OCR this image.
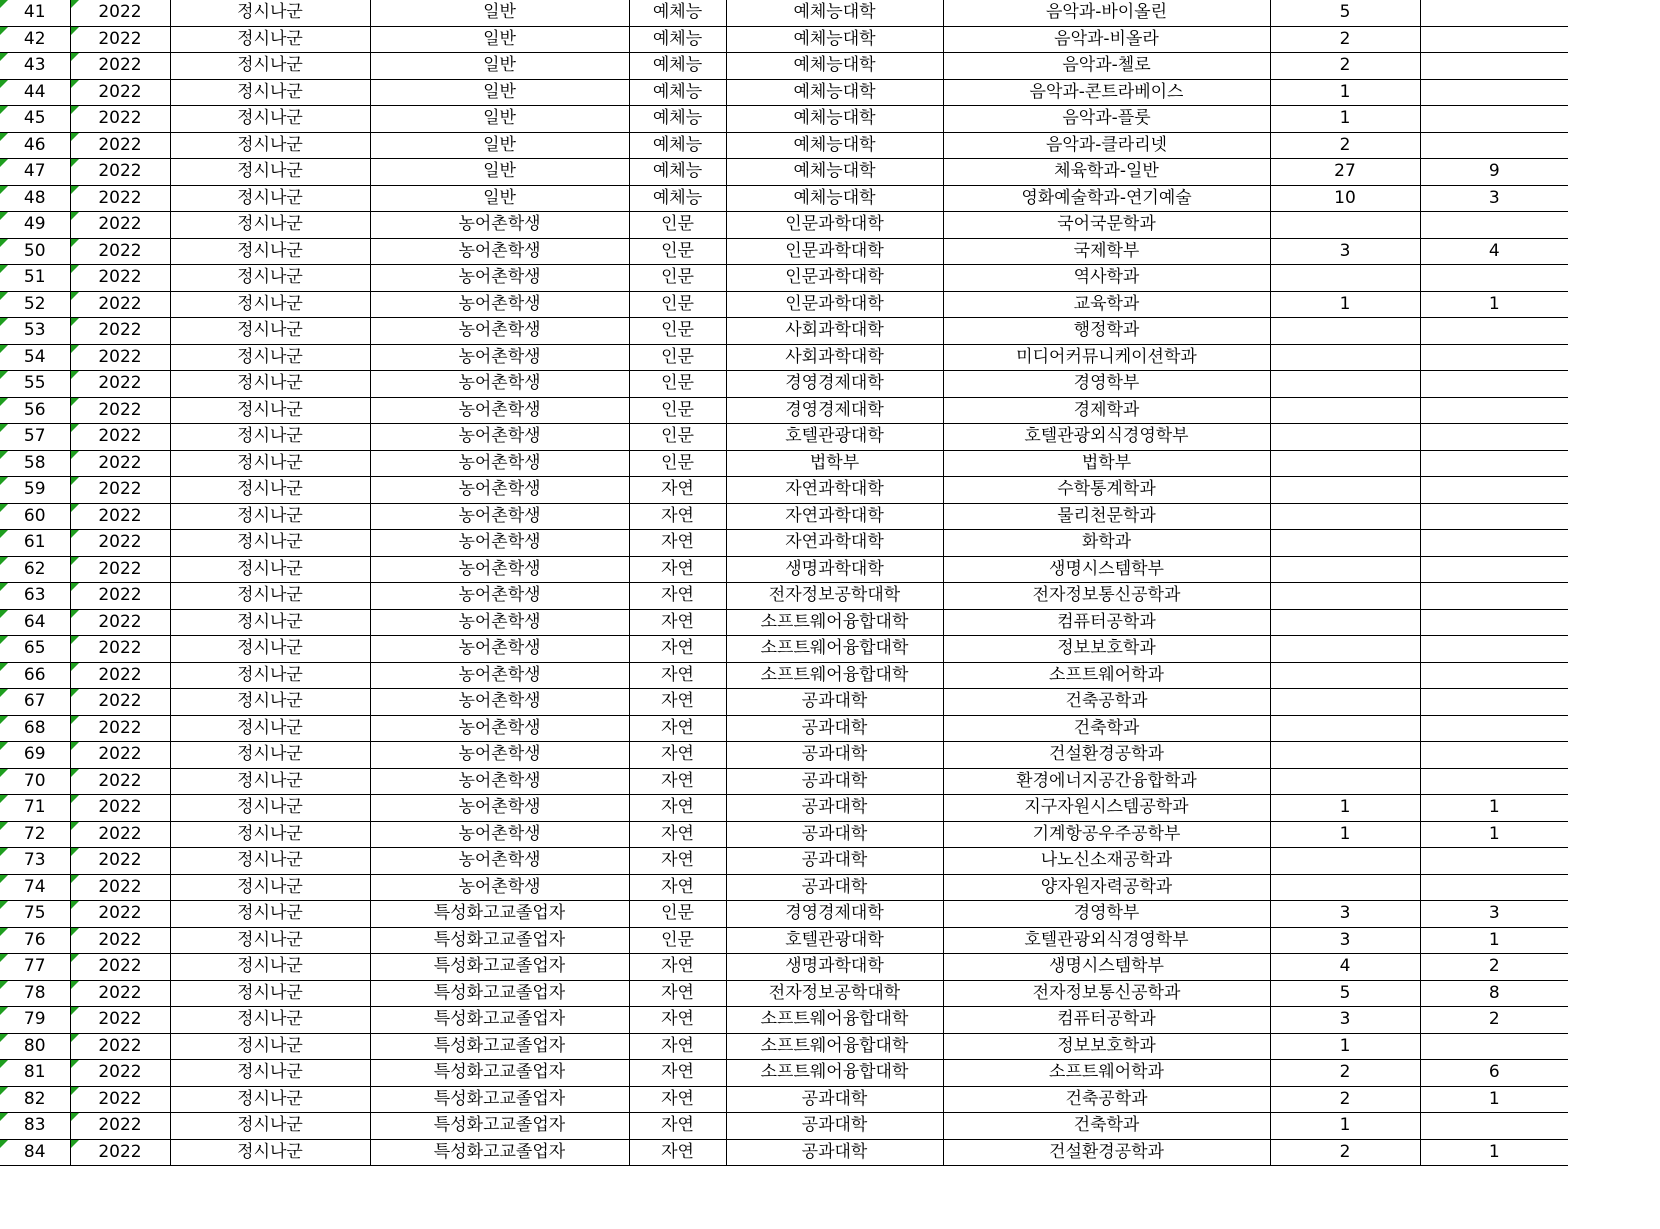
41	2022	정시나군	일반	예체능	예체능대학	음악과-바이올린	5	
42	2022	정시나군	일반	예체능	예체능대학	음악과-비올라	2	
43	2022	정시나군	일반	예체능	예체능대학	음악과-첼로	2	
44	2022	정시나군	일반	예체능	예체능대학	음악과-콘트라베이스	1	
45	2022	정시나군	일반	예체능	예체능대학	음악과-플룻	1	
46	2022	정시나군	일반	예체능	예체능대학	음악과-클라리넷	2	
47	2022	정시나군	일반	예체능	예체능대학	체육학과-일반	27	9
48	2022	정시나군	일반	예체능	예체능대학	영화예술학과-연기예술	10	3
49	2022	정시나군	농어촌학생	인문	인문과학대학	국어국문학과		
50	2022	정시나군	농어촌학생	인문	인문과학대학	국제학부	3	4
51	2022	정시나군	농어촌학생	인문	인문과학대학	역사학과		
52	2022	정시나군	농어촌학생	인문	인문과학대학	교육학과	1	1
53	2022	정시나군	농어촌학생	인문	사회과학대학	행정학과		
54	2022	정시나군	농어촌학생	인문	사회과학대학	미디어커뮤니케이션학과		
55	2022	정시나군	농어촌학생	인문	경영경제대학	경영학부		
56	2022	정시나군	농어촌학생	인문	경영경제대학	경제학과		
57	2022	정시나군	농어촌학생	인문	호텔관광대학	호텔관광외식경영학부		
58	2022	정시나군	농어촌학생	인문	법학부	법학부		
59	2022	정시나군	농어촌학생	자연	자연과학대학	수학통계학과		
60	2022	정시나군	농어촌학생	자연	자연과학대학	물리천문학과		
61	2022	정시나군	농어촌학생	자연	자연과학대학	화학과		
62	2022	정시나군	농어촌학생	자연	생명과학대학	생명시스템학부		
63	2022	정시나군	농어촌학생	자연	전자정보공학대학	전자정보통신공학과		
64	2022	정시나군	농어촌학생	자연	소프트웨어융합대학	컴퓨터공학과		
65	2022	정시나군	농어촌학생	자연	소프트웨어융합대학	정보보호학과		
66	2022	정시나군	농어촌학생	자연	소프트웨어융합대학	소프트웨어학과		
67	2022	정시나군	농어촌학생	자연	공과대학	건축공학과		
68	2022	정시나군	농어촌학생	자연	공과대학	건축학과		
69	2022	정시나군	농어촌학생	자연	공과대학	건설환경공학과		
70	2022	정시나군	농어촌학생	자연	공과대학	환경에너지공간융합학과		
71	2022	정시나군	농어촌학생	자연	공과대학	지구자원시스템공학과	1	1
72	2022	정시나군	농어촌학생	자연	공과대학	기계항공우주공학부	1	1
73	2022	정시나군	농어촌학생	자연	공과대학	나노신소재공학과		
74	2022	정시나군	농어촌학생	자연	공과대학	양자원자력공학과		
75	2022	정시나군	특성화고교졸업자	인문	경영경제대학	경영학부	3	3
76	2022	정시나군	특성화고교졸업자	인문	호텔관광대학	호텔관광외식경영학부	3	1
77	2022	정시나군	특성화고교졸업자	자연	생명과학대학	생명시스템학부	4	2
78	2022	정시나군	특성화고교졸업자	자연	전자정보공학대학	전자정보통신공학과	5	8
79	2022	정시나군	특성화고교졸업자	자연	소프트웨어융합대학	컴퓨터공학과	3	2
80	2022	정시나군	특성화고교졸업자	자연	소프트웨어융합대학	정보보호학과	1	
81	2022	정시나군	특성화고교졸업자	자연	소프트웨어융합대학	소프트웨어학과	2	6
82	2022	정시나군	특성화고교졸업자	자연	공과대학	건축공학과	2	1
83	2022	정시나군	특성화고교졸업자	자연	공과대학	건축학과	1	
84	2022	정시나군	특성화고교졸업자	자연	공과대학	건설환경공학과	2	1
